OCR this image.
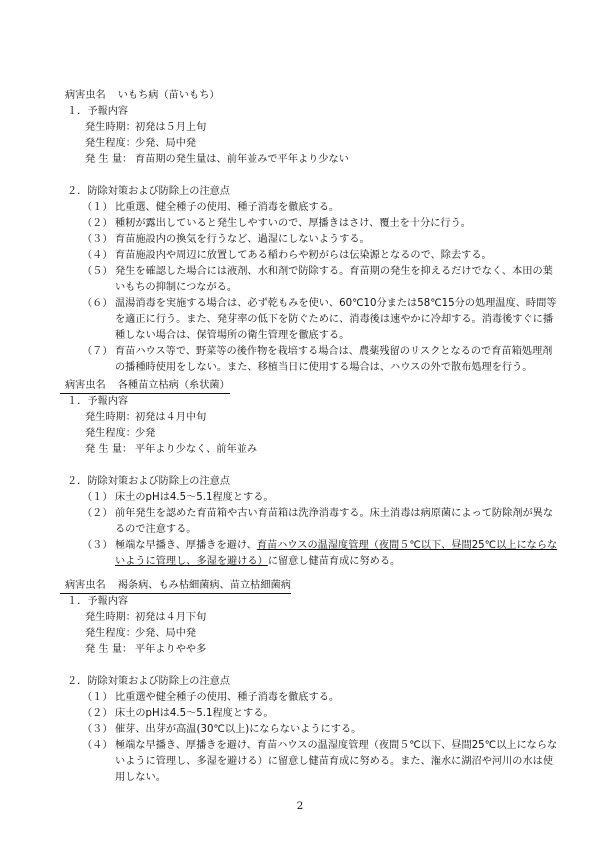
病害虫名 いもち病（苗いもち）
１．予報内容
発生時期：初発は５月上旬
発生程度：少発、局中発
発 生 量： 育苗期の発生量は、前年並みで平年より少ない
２．防除対策および防除上の注意点
（１） 比重選、健全種子の使用、種子消毒を徹底する。
（２） 種籾が露出していると発生しやすいので、厚播きはさけ、覆土を十分に行う。
（３） 育苗施設内の換気を行うなど、過湿にしないようする。
（４） 育苗施設内や周辺に放置してある稲わらや籾がらは伝染源となるので、除去する。
（５） 発生を確認した場合には液剤、水和剤で防除する。育苗期の発生を抑えるだけでなく、本田の葉いもちの抑制につながる。
（６） 温湯消毒を実施する場合は、必ず乾もみを使い、60℃10分または58℃15分の処理温度、時間等を適正に行う。また、発芽率の低下を防ぐために、消毒後は速やかに冷却する。消毒後すぐに播種しない場合は、保管場所の衛生管理を徹底する。
（７） 育苗ハウス等で、野菜等の後作物を栽培する場合は、農薬残留のリスクとなるので育苗箱処理剤の播種時使用をしない。また、移植当日に使用する場合は、ハウスの外で散布処理を行う。
病害虫名 各種苗立枯病（糸状菌）
１．予報内容
発生時期：初発は４月中旬
発生程度：少発
発 生 量： 平年より少なく、前年並み
２．防除対策および防除上の注意点
（１） 床土のpHは4.5～5.1程度とする。
（２） 前年発生を認めた育苗箱や古い育苗箱は洗浄消毒する。床土消毒は病原菌によって防除剤が異なるので注意する。
（３） 極端な早播き、厚播きを避け、育苗ハウスの温湿度管理（夜間５℃以下、昼間25℃以上にならないように管理し、多湿を避ける）に留意し健苗育成に努める。
病害虫名 褐条病、もみ枯細菌病、苗立枯細菌病
１．予報内容
発生時期：初発は４月下旬
発生程度：少発、局中発
発 生 量： 平年よりやや多
２．防除対策および防除上の注意点
（１） 比重選や健全種子の使用、種子消毒を徹底する。
（２） 床土のpHは4.5～5.1程度とする。
（３） 催芽、出芽が高温(30℃以上)にならないようにする。
（４） 極端な早播き、厚播きを避け、育苗ハウスの温湿度管理（夜間５℃以下、昼間25℃以上にならないように管理し、多湿を避ける）に留意し健苗育成に努める。また、潅水に湖沼や河川の水は使用しない。
2
